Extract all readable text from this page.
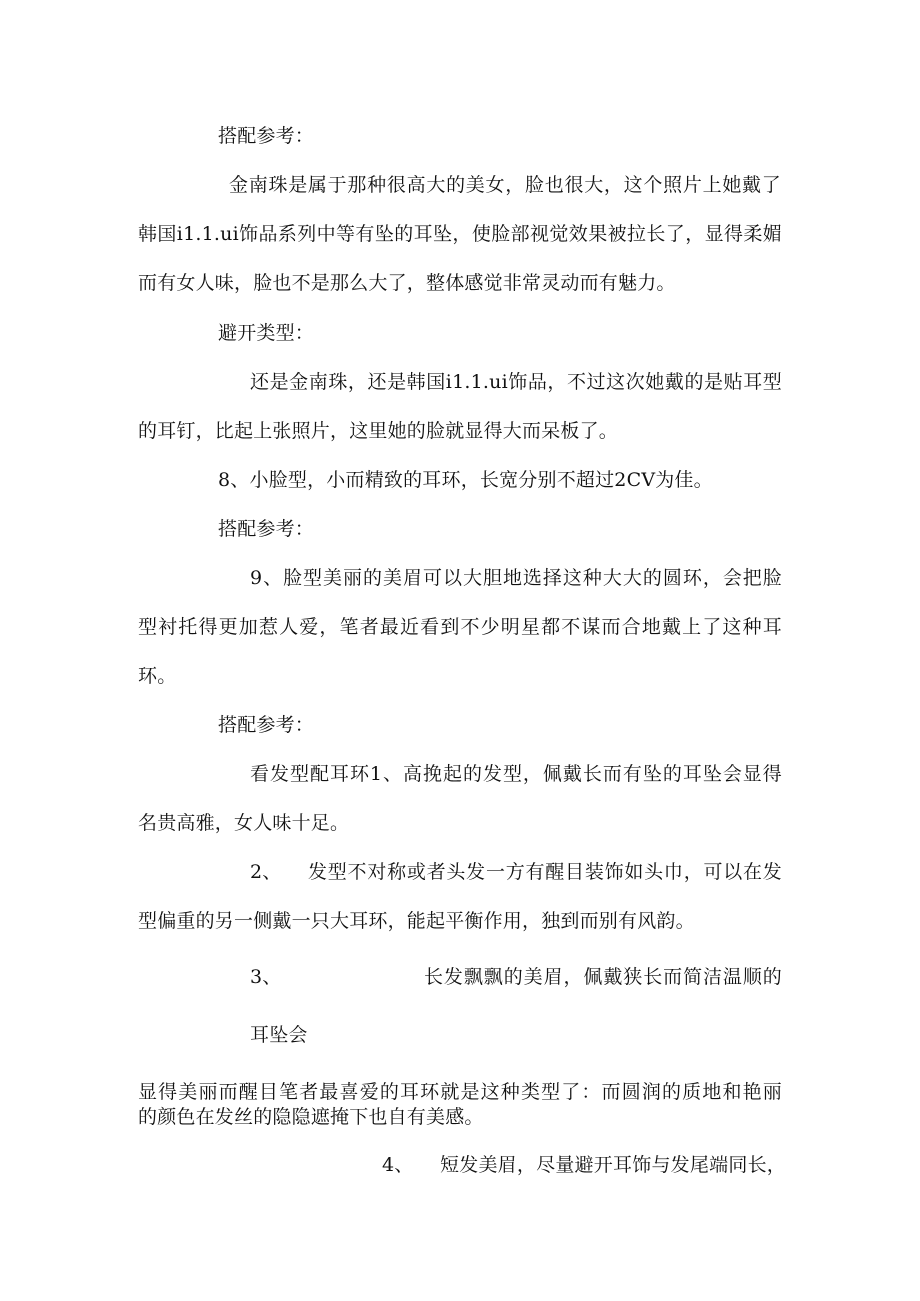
搭配参考：
金南珠是属于那种很高大的美女，脸也很大，这个照片上她戴了
韩国i1.1.ui饰品系列中等有坠的耳坠，使脸部视觉效果被拉长了，显得柔媚
而有女人味，脸也不是那么大了，整体感觉非常灵动而有魅力。
避开类型：
还是金南珠，还是韩国i1.1.ui饰品，不过这次她戴的是贴耳型
的耳钉，比起上张照片，这里她的脸就显得大而呆板了。
8、小脸型，小而精致的耳环，长宽分别不超过2CV为佳。
搭配参考：
9、脸型美丽的美眉可以大胆地选择这种大大的圆环，会把脸
型衬托得更加惹人爱，笔者最近看到不少明星都不谋而合地戴上了这种耳
环。
搭配参考：
看发型配耳环1、高挽起的发型，佩戴长而有坠的耳坠会显得
名贵高雅，女人味十足。
2、 发型不对称或者头发一方有醒目装饰如头巾，可以在发
型偏重的另一侧戴一只大耳环，能起平衡作用，独到而别有风韵。
3、	长发飘飘的美眉，佩戴狭长而简洁温顺的
耳坠会
显得美丽而醒目笔者最喜爱的耳环就是这种类型了：而圆润的质地和艳丽
的颜色在发丝的隐隐遮掩下也自有美感。
4、 短发美眉，尽量避开耳饰与发尾端同长，
